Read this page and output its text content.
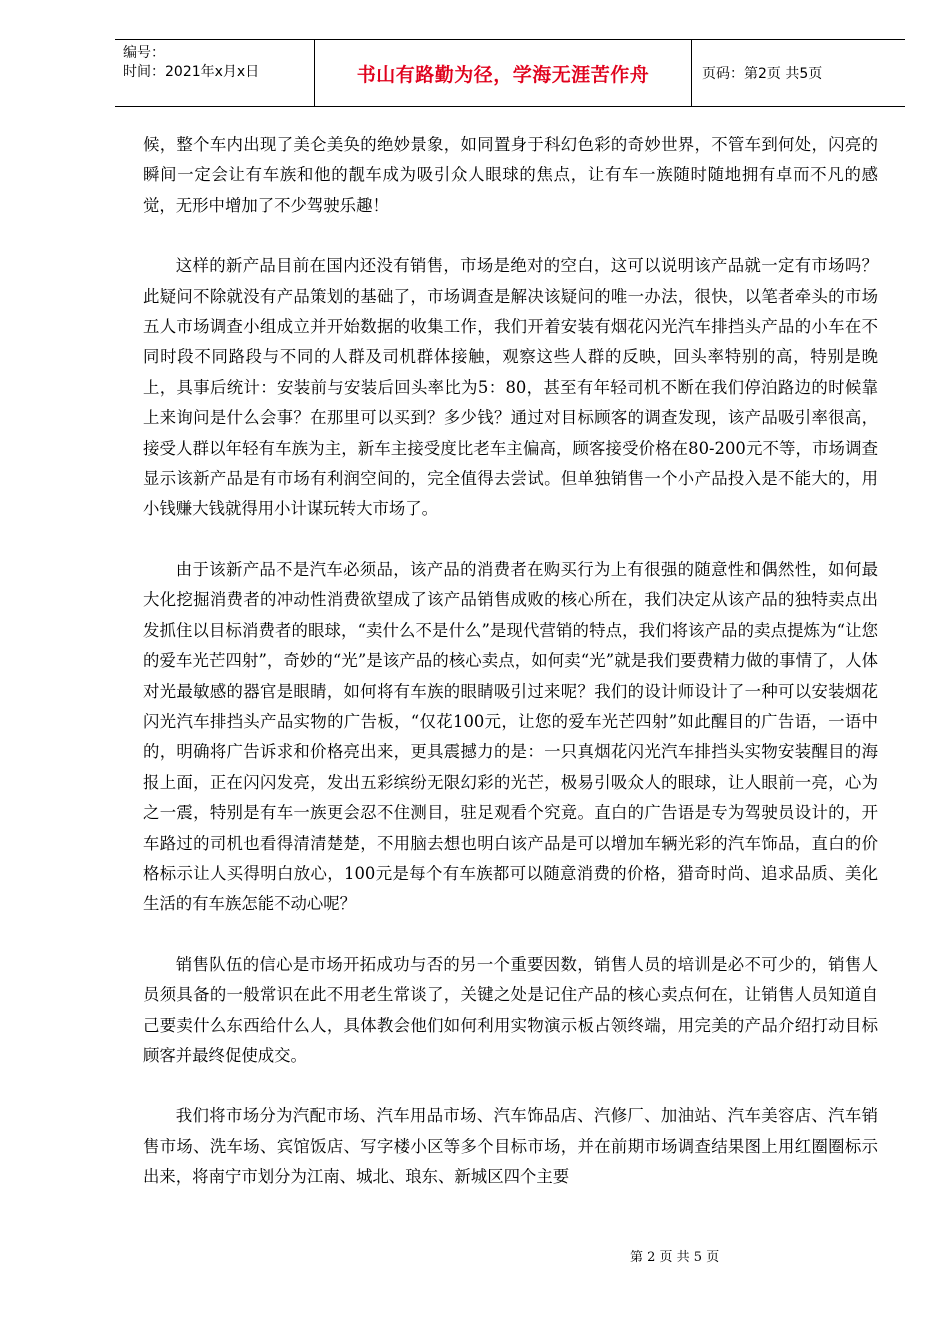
编号：
时间：2021年x月x日	书山有路勤为径，学海无涯苦作舟	页码：第2页 共5页

候，整个车内出现了美仑美奂的绝妙景象，如同置身于科幻色彩的奇妙世界，不管车到何处，闪亮的瞬间一定会让有车族和他的靓车成为吸引众人眼球的焦点，让有车一族随时随地拥有卓而不凡的感觉，无形中增加了不少驾驶乐趣！

这样的新产品目前在国内还没有销售，市场是绝对的空白，这可以说明该产品就一定有市场吗？此疑问不除就没有产品策划的基础了，市场调查是解决该疑问的唯一办法，很快，以笔者牵头的市场五人市场调查小组成立并开始数据的收集工作，我们开着安装有烟花闪光汽车排挡头产品的小车在不同时段不同路段与不同的人群及司机群体接触，观察这些人群的反映，回头率特别的高，特别是晚上，具事后统计：安装前与安装后回头率比为5：80，甚至有年轻司机不断在我们停泊路边的时候靠上来询问是什么会事？在那里可以买到？多少钱？通过对目标顾客的调查发现，该产品吸引率很高，接受人群以年轻有车族为主，新车主接受度比老车主偏高，顾客接受价格在80-200元不等，市场调查显示该新产品是有市场有利润空间的，完全值得去尝试。但单独销售一个小产品投入是不能大的，用小钱赚大钱就得用小计谋玩转大市场了。

由于该新产品不是汽车必须品，该产品的消费者在购买行为上有很强的随意性和偶然性，如何最大化挖掘消费者的冲动性消费欲望成了该产品销售成败的核心所在，我们决定从该产品的独特卖点出发抓住以目标消费者的眼球，“卖什么不是什么”是现代营销的特点，我们将该产品的卖点提炼为“让您的爱车光芒四射”，奇妙的“光”是该产品的核心卖点，如何卖“光”就是我们要费精力做的事情了，人体对光最敏感的器官是眼睛，如何将有车族的眼睛吸引过来呢？我们的设计师设计了一种可以安装烟花闪光汽车排挡头产品实物的广告板，“仅花100元，让您的爱车光芒四射”如此醒目的广告语，一语中的，明确将广告诉求和价格亮出来，更具震撼力的是：一只真烟花闪光汽车排挡头实物安装醒目的海报上面，正在闪闪发亮，发出五彩缤纷无限幻彩的光芒，极易引吸众人的眼球，让人眼前一亮，心为之一震，特别是有车一族更会忍不住测目，驻足观看个究竟。直白的广告语是专为驾驶员设计的，开车路过的司机也看得清清楚楚，不用脑去想也明白该产品是可以增加车辆光彩的汽车饰品，直白的价格标示让人买得明白放心，100元是每个有车族都可以随意消费的价格，猎奇时尚、追求品质、美化生活的有车族怎能不动心呢？

销售队伍的信心是市场开拓成功与否的另一个重要因数，销售人员的培训是必不可少的，销售人员须具备的一般常识在此不用老生常谈了，关键之处是记住产品的核心卖点何在，让销售人员知道自己要卖什么东西给什么人，具体教会他们如何利用实物演示板占领终端，用完美的产品介绍打动目标顾客并最终促使成交。

我们将市场分为汽配市场、汽车用品市场、汽车饰品店、汽修厂、加油站、汽车美容店、汽车销售市场、洗车场、宾馆饭店、写字楼小区等多个目标市场，并在前期市场调查结果图上用红圈圈标示出来，将南宁市划分为江南、城北、琅东、新城区四个主要

第 2 页 共 5 页
